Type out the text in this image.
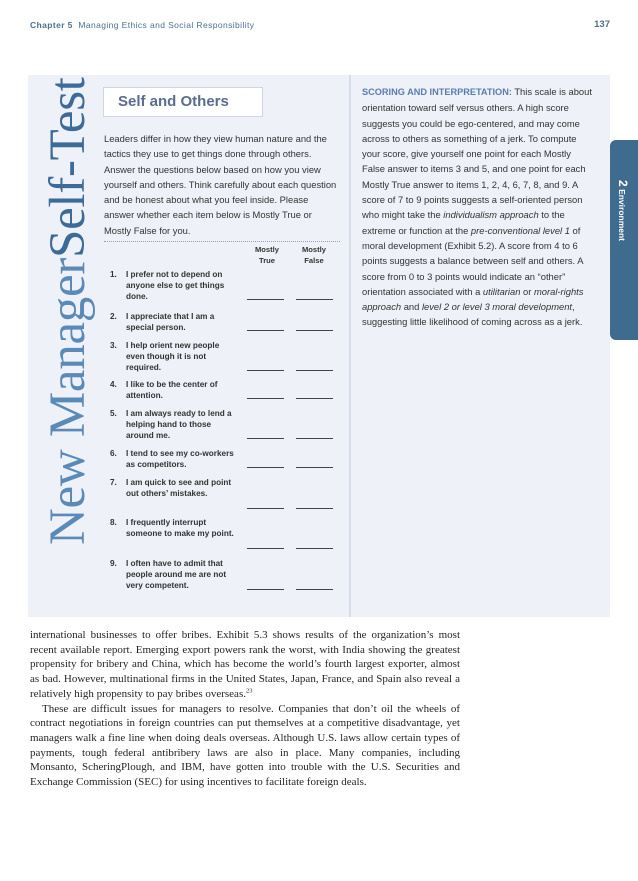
Chapter 5 Managing Ethics and Social Responsibility	137
New ManagerSelf-Test Self and Others
Leaders differ in how they view human nature and the tactics they use to get things done through others. Answer the questions below based on how you view yourself and others. Think carefully about each question and be honest about what you feel inside. Please answer whether each item below is Mostly True or Mostly False for you.
Mostly True
Mostly False
1.	I prefer not to depend on anyone else to get things done.
2.	I appreciate that I am a special person.
3.	I help orient new people even though it is not required.
4.	I like to be the center of attention.
5.	I am always ready to lend a helping hand to those around me.
6.	I tend to see my co-workers as competitors.
7.	I am quick to see and point out others’ mistakes.
8.	I frequently interrupt someone to make my point.
9.	I often have to admit that people around me are not very competent.
SCORING AND INTERPRETATION: This scale is about orientation toward self versus others. A high score suggests you could be ego-centered, and may come across to others as something of a jerk. To compute your score, give yourself one point for each Mostly False answer to items 3 and 5, and one point for each Mostly True answer to items 1, 2, 4, 6, 7, 8, and 9. A score of 7 to 9 points suggests a self-oriented person who might take the individualism approach to the extreme or function at the pre-conventional level 1 of moral development (Exhibit 5.2). A score from 4 to 6 points suggests a balance between self and others. A score from 0 to 3 points would indicate an “other” orientation associated with a utilitarian or moral-rights approach and level 2 or level 3 moral development, suggesting little likelihood of coming across as a jerk.
2 Environment

international businesses to offer bribes. Exhibit 5.3 shows results of the organization’s most recent available report. Emerging export powers rank the worst, with India showing the greatest propensity for bribery and China, which has become the world’s fourth largest exporter, almost as bad. However, multinational firms in the United States, Japan, France, and Spain also reveal a relatively high propensity to pay bribes overseas.$^{23}$

These are difficult issues for managers to resolve. Companies that don’t oil the wheels of contract negotiations in foreign countries can put themselves at a competitive disadvantage, yet managers walk a fine line when doing deals overseas. Although U.S. laws allow certain types of payments, tough federal antibribery laws are also in place. Many companies, including Monsanto, ScheringPlough, and IBM, have gotten into trouble with the U.S. Securities and Exchange Commission (SEC) for using incentives to facilitate foreign deals.
